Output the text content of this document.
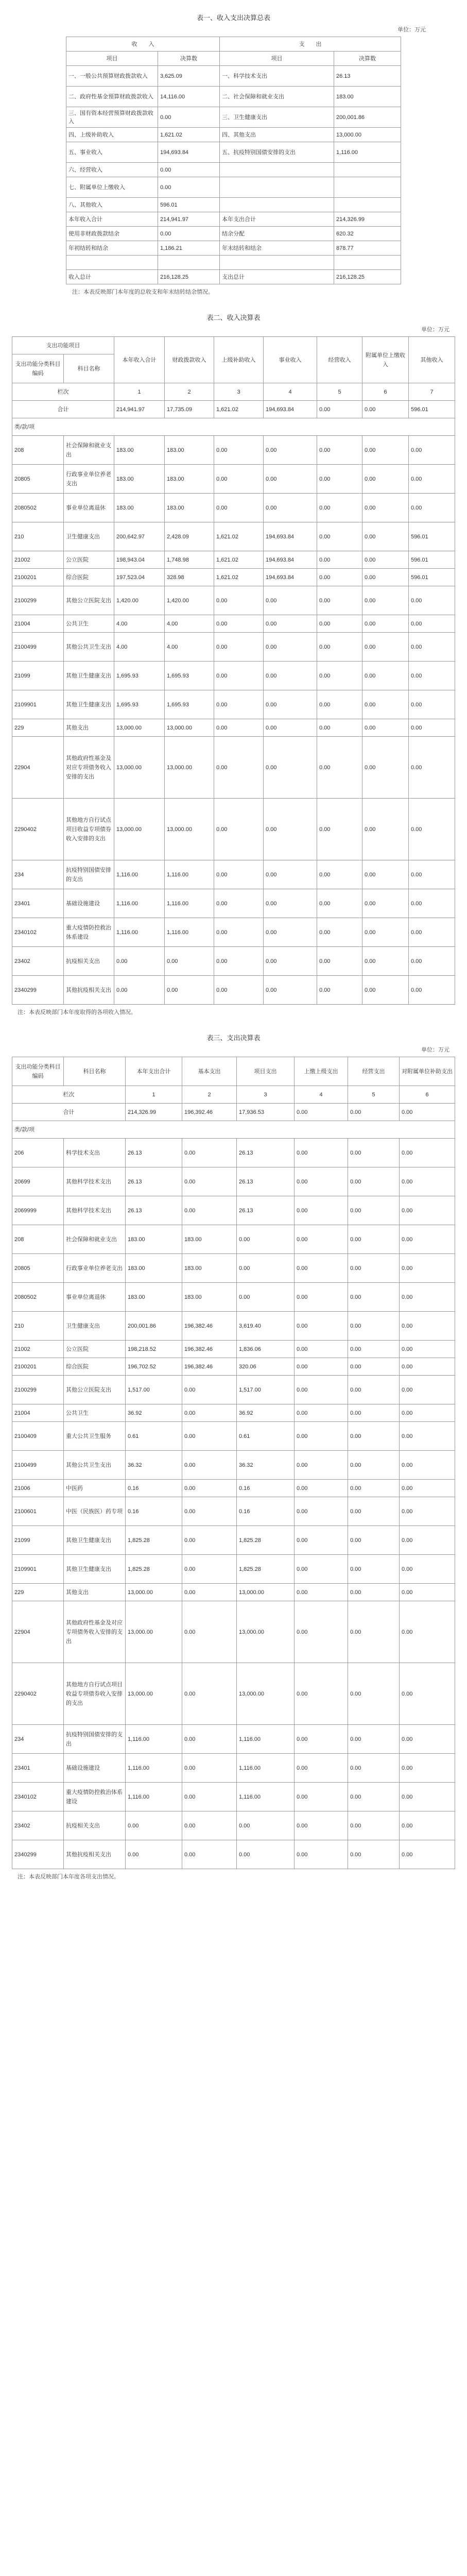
表一、收入支出决算总表
单位：万元
收　　入		支　　出	
项目	决算数	项目	决算数
一、一般公共预算财政拨款收入	3,625.09	一、科学技术支出	26.13
二、政府性基金预算财政拨款收入	14,116.00	二、社会保障和就业支出	183.00
三、国有资本经营预算财政拨款收入	0.00	三、卫生健康支出	200,001.86
四、上级补助收入	1,621.02	四、其他支出	13,000.00
五、事业收入	194,693.84	五、抗疫特别国债安排的支出	1,116.00
六、经营收入	0.00		
七、附属单位上缴收入	0.00		
八、其他收入	596.01		
本年收入合计	214,941.97	本年支出合计	214,326.99
使用非财政拨款结余	0.00	结余分配	620.32
年初结转和结余	1,186.21	年末结转和结余	878.77

收入总计	216,128.25	支出总计	216,128.25
注：本表反映部门本年度的总收支和年末结转结余情况。
表二、收入决算表
单位：万元
支出功能项目		本年收入合计	财政拨款收入	上级补助收入	事业收入	经营收入	附属单位上缴收入	其他收入
支出功能分类科目编码	科目名称							
栏次		1	2	3	4	5	6	7
合计		214,941.97	17,735.09	1,621.02	194,693.84	0.00	0.00	596.01
类/款/项								
208	社会保障和就业支出	183.00	183.00	0.00	0.00	0.00	0.00	0.00
20805	行政事业单位养老支出	183.00	183.00	0.00	0.00	0.00	0.00	0.00
2080502	事业单位离退休	183.00	183.00	0.00	0.00	0.00	0.00	0.00
210	卫生健康支出	200,642.97	2,428.09	1,621.02	194,693.84	0.00	0.00	596.01
21002	公立医院	198,943.04	1,748.98	1,621.02	194,693.84	0.00	0.00	596.01
2100201	综合医院	197,523.04	328.98	1,621.02	194,693.84	0.00	0.00	596.01
2100299	其他公立医院支出	1,420.00	1,420.00	0.00	0.00	0.00	0.00	0.00
21004	公共卫生	4.00	4.00	0.00	0.00	0.00	0.00	0.00
2100499	其他公共卫生支出	4.00	4.00	0.00	0.00	0.00	0.00	0.00
21099	其他卫生健康支出	1,695.93	1,695.93	0.00	0.00	0.00	0.00	0.00
2109901	其他卫生健康支出	1,695.93	1,695.93	0.00	0.00	0.00	0.00	0.00
229	其他支出	13,000.00	13,000.00	0.00	0.00	0.00	0.00	0.00
22904	其他政府性基金及对应专项债务收入安排的支出	13,000.00	13,000.00	0.00	0.00	0.00	0.00	0.00
2290402	其他地方自行试点项目收益专项债券收入安排的支出	13,000.00	13,000.00	0.00	0.00	0.00	0.00	0.00
234	抗疫特别国债安排的支出	1,116.00	1,116.00	0.00	0.00	0.00	0.00	0.00
23401	基础设施建设	1,116.00	1,116.00	0.00	0.00	0.00	0.00	0.00
2340102	重大疫情防控救治体系建设	1,116.00	1,116.00	0.00	0.00	0.00	0.00	0.00
23402	抗疫相关支出	0.00	0.00	0.00	0.00	0.00	0.00	0.00
2340299	其他抗疫相关支出	0.00	0.00	0.00	0.00	0.00	0.00	0.00
注：本表反映部门本年度取得的各项收入情况。
表三、支出决算表
单位：万元
支出功能分类科目编码	科目名称	本年支出合计	基本支出	项目支出	上缴上级支出	经营支出	对附属单位补助支出
栏次		1	2	3	4	5	6
合计		214,326.99	196,392.46	17,936.53	0.00	0.00	0.00
类/款/项							
206	科学技术支出	26.13	0.00	26.13	0.00	0.00	0.00
20699	其他科学技术支出	26.13	0.00	26.13	0.00	0.00	0.00
2069999	其他科学技术支出	26.13	0.00	26.13	0.00	0.00	0.00
208	社会保障和就业支出	183.00	183.00	0.00	0.00	0.00	0.00
20805	行政事业单位养老支出	183.00	183.00	0.00	0.00	0.00	0.00
2080502	事业单位离退休	183.00	183.00	0.00	0.00	0.00	0.00
210	卫生健康支出	200,001.86	196,382.46	3,619.40	0.00	0.00	0.00
21002	公立医院	198,218.52	196,382.46	1,836.06	0.00	0.00	0.00
2100201	综合医院	196,702.52	196,382.46	320.06	0.00	0.00	0.00
2100299	其他公立医院支出	1,517.00	0.00	1,517.00	0.00	0.00	0.00
21004	公共卫生	36.92	0.00	36.92	0.00	0.00	0.00
2100409	重大公共卫生服务	0.61	0.00	0.61	0.00	0.00	0.00
2100499	其他公共卫生支出	36.32	0.00	36.32	0.00	0.00	0.00
21006	中医药	0.16	0.00	0.16	0.00	0.00	0.00
2100601	中医（民族医）药专项	0.16	0.00	0.16	0.00	0.00	0.00
21099	其他卫生健康支出	1,825.28	0.00	1,825.28	0.00	0.00	0.00
2109901	其他卫生健康支出	1,825.28	0.00	1,825.28	0.00	0.00	0.00
229	其他支出	13,000.00	0.00	13,000.00	0.00	0.00	0.00
22904	其他政府性基金及对应专项债务收入安排的支出	13,000.00	0.00	13,000.00	0.00	0.00	0.00
2290402	其他地方自行试点项目收益专项债券收入安排的支出	13,000.00	0.00	13,000.00	0.00	0.00	0.00
234	抗疫特别国债安排的支出	1,116.00	0.00	1,116.00	0.00	0.00	0.00
23401	基础设施建设	1,116.00	0.00	1,116.00	0.00	0.00	0.00
2340102	重大疫情防控救治体系建设	1,116.00	0.00	1,116.00	0.00	0.00	0.00
23402	抗疫相关支出	0.00	0.00	0.00	0.00	0.00	0.00
2340299	其他抗疫相关支出	0.00	0.00	0.00	0.00	0.00	0.00
注：本表反映部门本年度各项支出情况。
